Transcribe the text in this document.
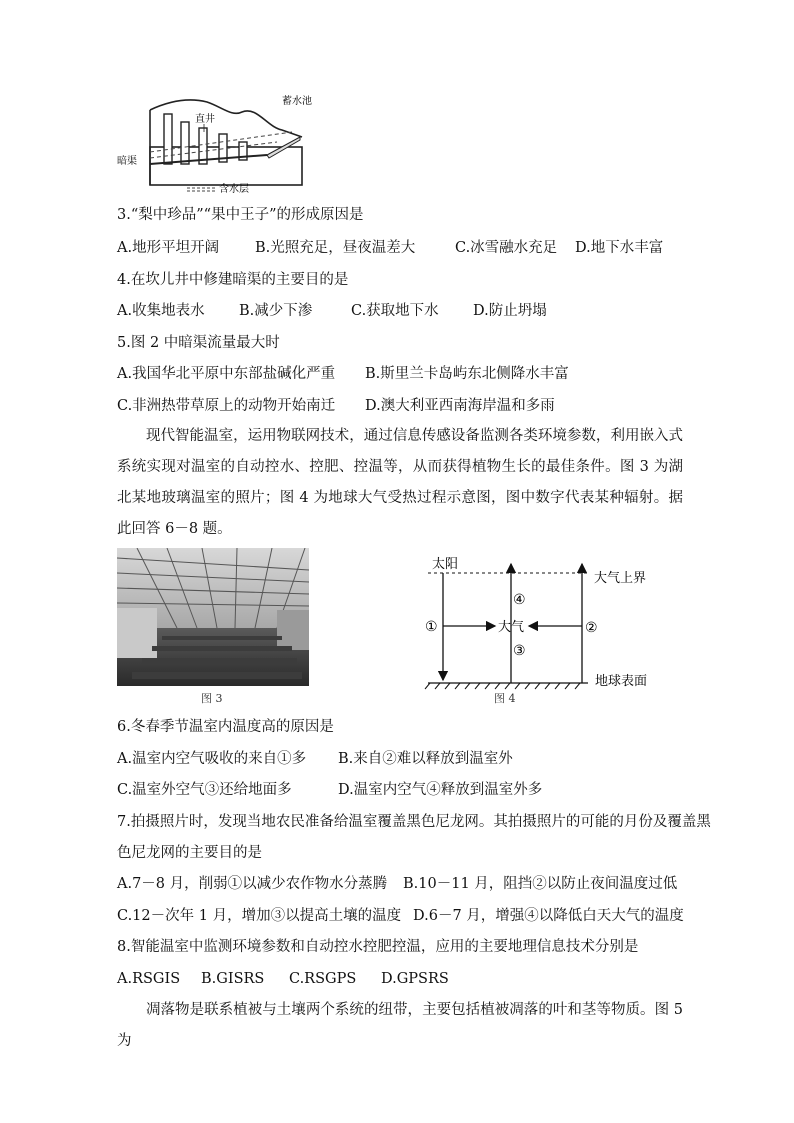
直井
蓄水池
暗渠
含水层
3.“梨中珍品”“果中王子”的形成原因是
A.地形平坦开阔 B.光照充足，昼夜温差大	C.冰雪融水充足 D.地下水丰富
4.在坎儿井中修建暗渠的主要目的是
A.收集地表水 B.减少下渗	C.获取地下水 D.防止坍塌
5.图 2 中暗渠流量最大时
A.我国华北平原中东部盐碱化严重 B.斯里兰卡岛屿东北侧降水丰富
C.非洲热带草原上的动物开始南迁 D.澳大利亚西南海岸温和多雨
现代智能温室，运用物联网技术，通过信息传感设备监测各类环境参数，利用嵌入式系统实现对温室的自动控水、控肥、控温等，从而获得植物生长的最佳条件。图 3 为湖北某地玻璃温室的照片；图 4 为地球大气受热过程示意图，图中数字代表某种辐射。据此回答 6－8 题。
图 3
太阳
大气上界
大气
地球表面
①	②
③
④
图 4
6.冬春季节温室内温度高的原因是
A.温室内空气吸收的来自①多 B.来自②难以释放到温室外
C.温室外空气③还给地面多	D.温室内空气④释放到温室外多
7.拍摄照片时，发现当地农民准备给温室覆盖黑色尼龙网。其拍摄照片的可能的月份及覆盖黑
色尼龙网的主要目的是
A.7－8 月，削弱①以减少农作物水分蒸腾 B.10－11 月，阻挡②以防止夜间温度过低
C.12－次年 1 月，增加③以提高土壤的温度 D.6－7 月，增强④以降低白天大气的温度
8.智能温室中监测环境参数和自动控水控肥控温，应用的主要地理信息技术分别是
A.RSGIS B.GISRS C.RSGPS D.GPSRS
凋落物是联系植被与土壤两个系统的纽带，主要包括植被凋落的叶和茎等物质。图 5 为
